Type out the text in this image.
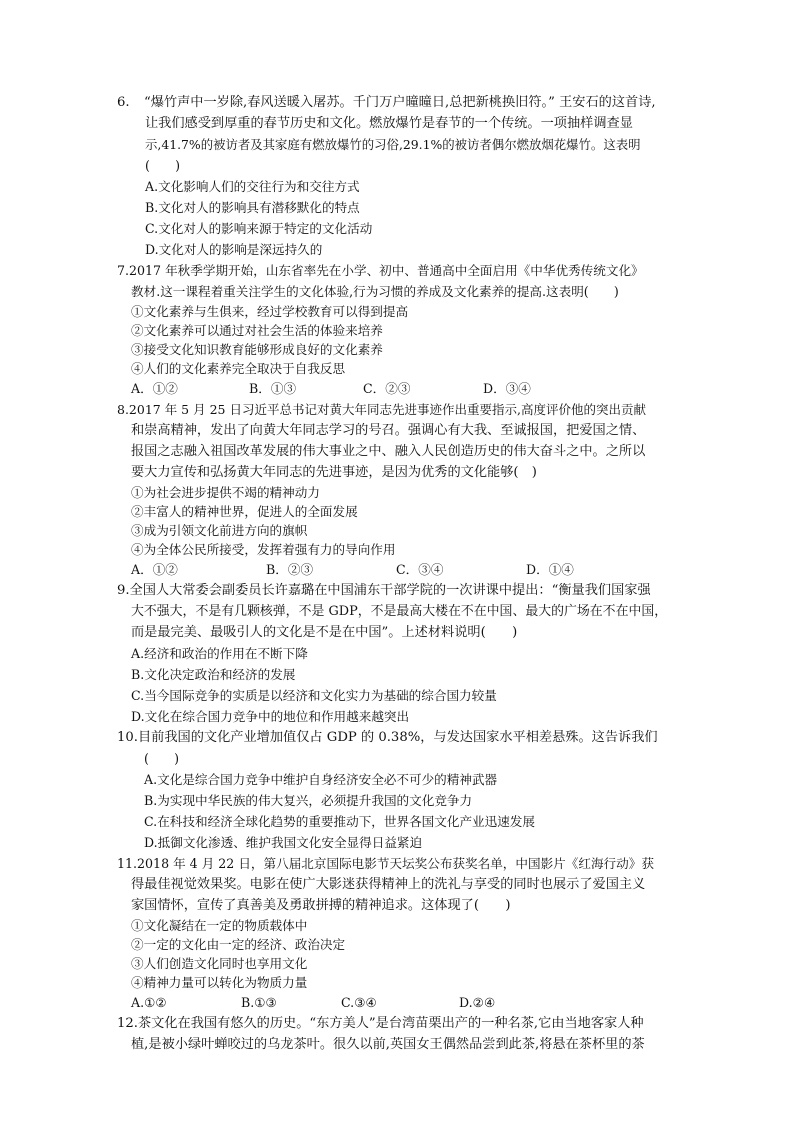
6. “爆竹声中一岁除,春风送暖入屠苏。千门万户曈曈日,总把新桃换旧符。” 王安石的这首诗,
让我们感受到厚重的春节历史和文化。燃放爆竹是春节的一个传统。一项抽样调查显
示,41.7%的被访者及其家庭有燃放爆竹的习俗,29.1%的被访者偶尔燃放烟花爆竹。这表明
(　　)
A.文化影响人们的交往行为和交往方式
B.文化对人的影响具有潜移默化的特点
C.文化对人的影响来源于特定的文化活动
D.文化对人的影响是深远持久的
7.2017 年秋季学期开始，山东省率先在小学、初中、普通高中全面启用《中华优秀传统文化》
教材.这一课程着重关注学生的文化体验,行为习惯的养成及文化素养的提高.这表明(　　)
①文化素养与生俱来，经过学校教育可以得到提高
②文化素养可以通过对社会生活的体验来培养
③接受文化知识教育能够形成良好的文化素养
④人们的文化素养完全取决于自我反思
A．①②	B．①③	C．②③	D．③④
8.2017 年 5 月 25 日习近平总书记对黄大年同志先进事迹作出重要指示,高度评价他的突出贡献
和崇高精神，发出了向黄大年同志学习的号召。强调心有大我、至诚报国，把爱国之情、
报国之志融入祖国改革发展的伟大事业之中、融入人民创造历史的伟大奋斗之中。之所以
要大力宣传和弘扬黄大年同志的先进事迹，是因为优秀的文化能够(　)
①为社会进步提供不竭的精神动力
②丰富人的精神世界，促进人的全面发展
③成为引领文化前进方向的旗帜
④为全体公民所接受，发挥着强有力的导向作用
A．①②	B．②③	C．③④	D．①④
9.全国人大常委会副委员长许嘉璐在中国浦东干部学院的一次讲课中提出：“衡量我们国家强
大不强大，不是有几颗核弹，不是 GDP，不是最高大楼在不在中国、最大的广场在不在中国，
而是最完美、最吸引人的文化是不是在中国”。上述材料说明(　　)
A.经济和政治的作用在不断下降
B.文化决定政治和经济的发展
C.当今国际竞争的实质是以经济和文化实力为基础的综合国力较量
D.文化在综合国力竞争中的地位和作用越来越突出
10.目前我国的文化产业增加值仅占 GDP 的 0.38%，与发达国家水平相差悬殊。这告诉我们
(　　)
A.文化是综合国力竞争中维护自身经济安全必不可少的精神武器
B.为实现中华民族的伟大复兴，必须提升我国的文化竞争力
C.在科技和经济全球化趋势的重要推动下，世界各国文化产业迅速发展
D.抵御文化渗透、维护我国文化安全显得日益紧迫
11.2018 年 4 月 22 日，第八届北京国际电影节天坛奖公布获奖名单，中国影片《红海行动》获
得最佳视觉效果奖。电影在使广大影迷获得精神上的洗礼与享受的同时也展示了爱国主义
家国情怀，宣传了真善美及勇敢拼搏的精神追求。这体现了(　　)
①文化凝结在一定的物质载体中
②一定的文化由一定的经济、政治决定
③人们创造文化同时也享用文化
④精神力量可以转化为物质力量
A.①②	B.①③	C.③④	D.②④
12.茶文化在我国有悠久的历史。“东方美人”是台湾苗栗出产的一种名茶,它由当地客家人种
植,是被小绿叶蝉咬过的乌龙茶叶。很久以前,英国女王偶然品尝到此茶,将悬在茶杯里的茶
